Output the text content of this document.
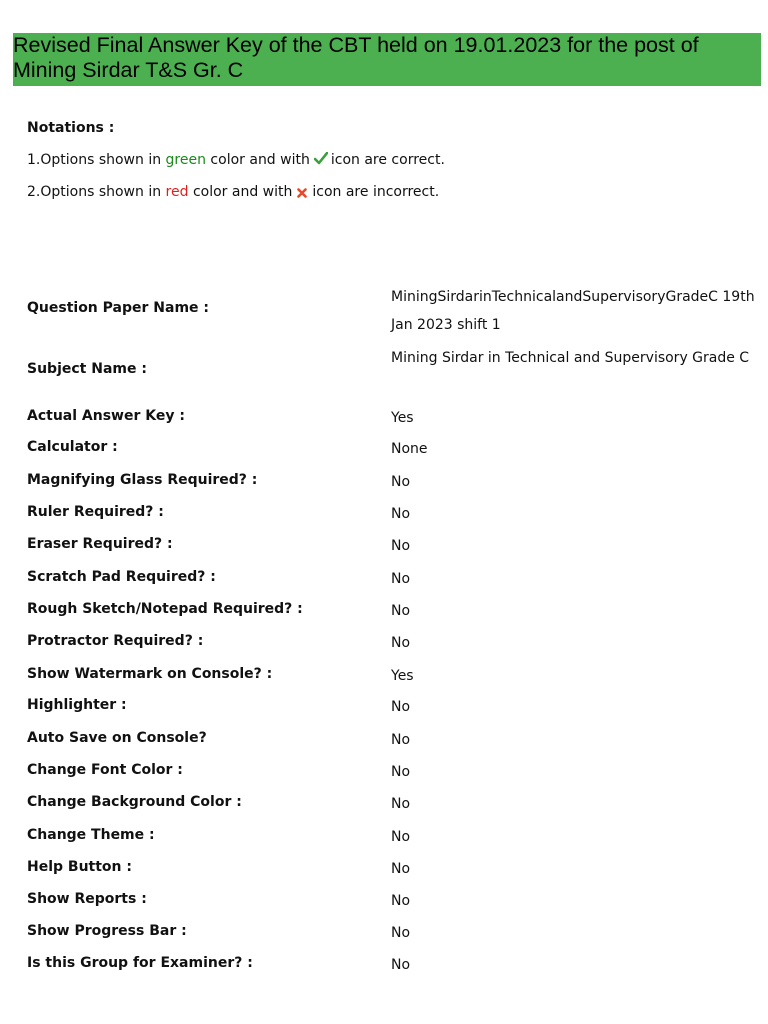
Revised Final Answer Key of the CBT held on 19.01.2023 for the post of Mining Sirdar T&S Gr. C
Notations :
1.Options shown in green color and with icon are correct.
2.Options shown in red color and with icon are incorrect.
Question Paper Name :
MiningSirdarinTechnicalandSupervisoryGradeC 19th Jan 2023 shift 1
Subject Name :
Mining Sirdar in Technical and Supervisory Grade C
Actual Answer Key :	Yes
Calculator :	None
Magnifying Glass Required? :	No
Ruler Required? :	No
Eraser Required? :	No
Scratch Pad Required? :	No
Rough Sketch/Notepad Required? :	No
Protractor Required? :	No
Show Watermark on Console? :	Yes
Highlighter :	No
Auto Save on Console?	No
Change Font Color :	No
Change Background Color :	No
Change Theme :	No
Help Button :	No
Show Reports :	No
Show Progress Bar :	No
Is this Group for Examiner? :	No
